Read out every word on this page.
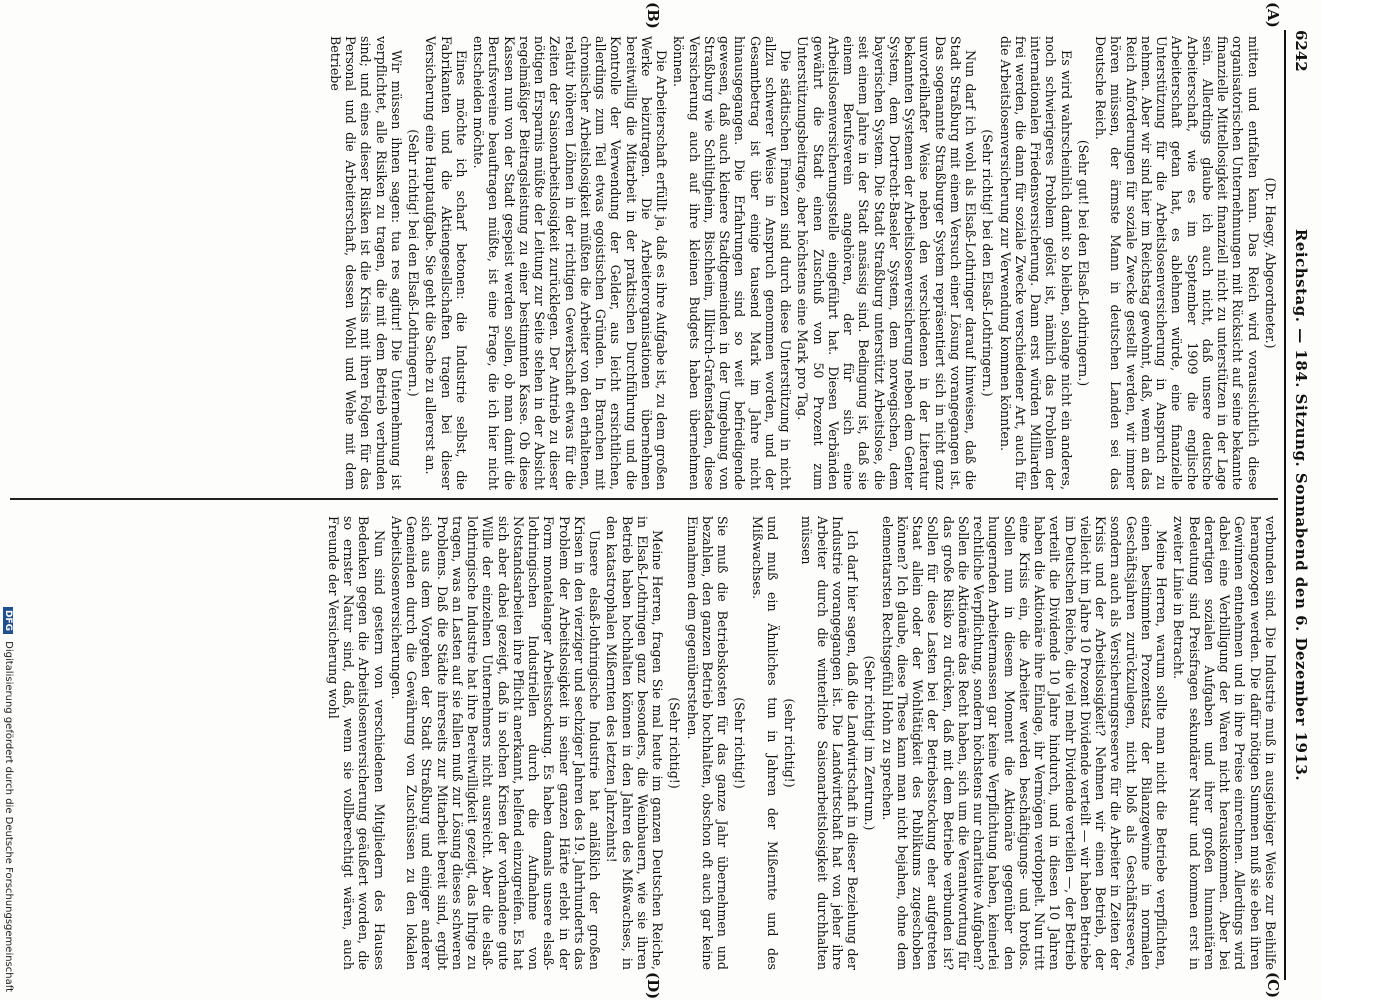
6242
Reichstag. — 184. Sitzung. Sonnabend den 6. Dezember 1913.
(A)
(B)
(C)
(D)
(Dr. Haegy, Abgeordneter.)

mitten und entfalten kann. Das Reich wird voraussichtlich diese organisatorischen Unternehmungen mit Rücksicht auf seine bekannte finanzielle Mittellosigkeit finanziell nicht zu unterstützen in der Lage sein. Allerdings glaube ich auch nicht, daß unsere deutsche Arbeiterschaft, wie es im September 1909 die englische Arbeiterschaft getan hat, es ablehnen würde, eine finanzielle Unterstützung für die Arbeitslosenversicherung in Anspruch zu nehmen. Aber wir sind hier im Reichstag gewohnt, daß, wenn an das Reich Anforderungen für soziale Zwecke gestellt werden, wir immer hören müssen, der ärmste Mann in deutschen Landen sei das Deutsche Reich.

(Sehr gut! bei den Elsaß-Lothringern.)

Es wird wahrscheinlich damit so bleiben, solange nicht ein anderes, noch schwierigeres Problem gelöst ist, nämlich das Problem der internationalen Friedensversicherung. Dann erst würden Milliarden frei werden, die dann für soziale Zwecke verschiedener Art, auch für die Arbeitslosenversicherung zur Verwendung kommen könnten.

(Sehr richtig! bei den Elsaß-Lothringern.)

Nun darf ich wohl als Elsaß-Lothringer darauf hinweisen, daß die Stadt Straßburg mit einem Versuch einer Lösung vorangegangen ist. Das sogenannte Straßburger System repräsentiert sich in nicht ganz unvorteilhafter Weise neben den verschiedenen in der Literatur bekannten Systemen der Arbeitslosenversicherung neben dem Genter System, dem Dortrecht-Baseler System, dem norwegischen, dem bayerischen System. Die Stadt Straßburg unterstützt Arbeitslose, die seit einem Jahre in der Stadt ansässig sind. Bedingung ist, daß sie einem Berufsverein angehören, der für sich eine Arbeitslosenversicherungsstelle eingeführt hat. Diesen Verbänden gewährt die Stadt einen Zuschuß von 50 Prozent zum Unterstützungsbeitrage, aber höchstens eine Mark pro Tag.

Die städtischen Finanzen sind durch diese Unterstützung in nicht allzu schwerer Weise in Anspruch genommen worden, und der Gesamtbetrag ist über einige tausend Mark im Jahre nicht hinausgegangen. Die Erfahrungen sind so weit befriedigende gewesen, daß auch kleinere Stadtgemeinden in der Umgebung von Straßburg wie Schiltigheim, Bischheim, Illkirch-Grafenstaden, diese Versicherung auch auf ihre kleinen Budgets haben übernehmen können.

Die Arbeiterschaft erfüllt ja, daß es ihre Aufgabe ist, zu dem großen Werke beizutragen. Die Arbeiterorganisationen übernehmen bereitwillig die Mitarbeit in der praktischen Durchführung und die Kontrolle der Verwendung der Gelder, aus leicht ersichtlichen, allerdings zum Teil etwas egoistischen Gründen. In Branchen mit chronischer Arbeitslosigkeit müßten die Arbeiter von den erhaltenen, relativ höheren Löhnen in der richtigen Gewerkschaft etwas für die Zeiten der Saisonarbeitslosigkeit zurücklegen. Der Antrieb zu dieser nötigen Ersparnis müßte der Leitung zur Seite stehen in der Absicht regelmäßiger Beitragsleistung zu einer bestimmten Kasse. Ob diese Kassen nun von der Stadt gespeist werden sollen, ob man damit die Berufsvereine beauftragen müßte, ist eine Frage, die ich hier nicht entscheiden möchte.

Eines möchte ich scharf betonen: die Industrie selbst, die Fabrikanten und die Aktiengesellschaften tragen bei dieser Versicherung eine Hauptaufgabe. Sie geht die Sache zu allererst an.

(Sehr richtig! bei den Elsaß-Lothringern.)

Wir müssen ihnen sagen: tua res agitur! Die Unternehmung ist verpflichtet, alle Risiken zu tragen, die mit dem Betrieb verbunden sind; und eines dieser Risiken ist die Krisis mit ihren Folgen für das Personal und die Arbeiterschaft, dessen Wohl und Wehe mit dem Betriebe

verbunden sind. Die Industrie muß in ausgiebiger Weise zur Beihilfe herangezogen werden. Die dafür nötigen Summen muß sie eben ihren Gewinnen entnehmen und in ihre Preise einrechnen. Allerdings wird dabei eine Verbilligung der Waren nicht herauskommen. Aber bei derartigen sozialen Aufgaben und ihrer großen humanitären Bedeutung sind Preisfragen sekundärer Natur und kommen erst in zweiter Linie in Betracht.

Meine Herren, warum sollte man nicht die Betriebe verpflichten, einen bestimmten Prozentsatz der Bilanzgewinne in normalen Geschäftsjahren zurückzulegen, nicht bloß als Geschäftsreserve, sondern auch als Versicherungsreserve für die Arbeiter in Zeiten der Krisis und der Arbeitslosigkeit? Nehmen wir einen Betrieb, der vielleicht im Jahre 10 Prozent Dividende verteilt — wir haben Betriebe im Deutschen Reiche, die viel mehr Dividende verteilen —, der Betrieb verteilt die Dividende 10 Jahre hindurch, und in diesen 10 Jahren haben die Aktionäre ihre Einlage, ihr Vermögen verdoppelt. Nun tritt eine Krisis ein, die Arbeiter werden beschäftigungs- und brotlos. Sollen nun in diesem Moment die Aktionäre gegenüber den hungernden Arbeitermassen gar keine Verpflichtung haben, keinerlei rechtliche Verpflichtung, sondern höchstens nur charitative Aufgaben? Sollen die Aktionäre das Recht haben, sich um die Verantwortung für das große Risiko zu drücken, daß mit dem Betriebe verbunden ist? Sollen für diese Lasten bei der Betriebsstockung eher aufgetreten Staat allein oder der Wohltätigkeit des Publikums zugeschoben können? Ich glaube, diese These kann man nicht bejahen, ohne dem elementarsten Rechtsgefühl Hohn zu sprechen.

(Sehr richtig! im Zentrum.)

Ich darf hier sagen, daß die Landwirtschaft in dieser Beziehung der Industrie vorangegangen ist. Die Landwirtschaft hat von jeher ihre Arbeiter durch die winterliche Saisonarbeitslosigkeit durchhalten müssen

(sehr richtig!)

und muß ein Ähnliches tun in Jahren der Mißernte und des Mißwachses.

(Sehr richtig!)

Sie muß die Betriebskosten für das ganze Jahr übernehmen und bezahlen, den ganzen Betrieb hochhalten, obschon oft auch gar keine Einnahmen dem gegenüberstehen.

(Sehr richtig!)

Meine Herren, fragen Sie mal heute im ganzen Deutschen Reiche, in Elsaß-Lothringen ganz besonders, die Weinbauern, wie sie ihren Betrieb haben hochhalten können in den Jahren des Mißwachses, in den katastrophalen Mißernten des letzten Jahrzehnts!

Unsere elsaß-lothringische Industrie hat anläßlich der großen Krisen in den vierziger und sechziger Jahren des 19. Jahrhunderts das Problem der Arbeitslosigkeit in seiner ganzen Härte erlebt in der Form monatelanger Arbeitsstockung. Es haben damals unsere elsaß-lothringischen Industriellen durch die Aufnahme von Notstandsarbeiten ihre Pflicht anerkannt, helfend einzugreifen. Es hat sich aber dabei gezeigt, daß in solchen Krisen der vorhandene gute Wille der einzelnen Unternehmers nicht ausreicht. Aber die elsaß-lothringische Industrie hat ihre Bereitwilligkeit gezeigt, das Ihrige zu tragen, was an Lasten auf sie fallen muß zur Lösung dieses schweren Problems. Daß die Städte ihrerseits zur Mitarbeit bereit sind, ergibt sich aus dem Vorgehen der Stadt Straßburg und einiger anderer Gemeinden durch die Gewährung von Zuschüssen zu den lokalen Arbeitslosenversicherungen.

Nun sind gestern von verschiedenen Mitgliedern des Hauses Bedenken gegen die Arbeitslosenversicherung geäußert worden, die so ernster Natur sind, daß, wenn sie vollberechtigt wären, auch Freunde der Versicherung wohl

DFG Digitalisierung gefördert durch die Deutsche Forschungsgemeinschaft
